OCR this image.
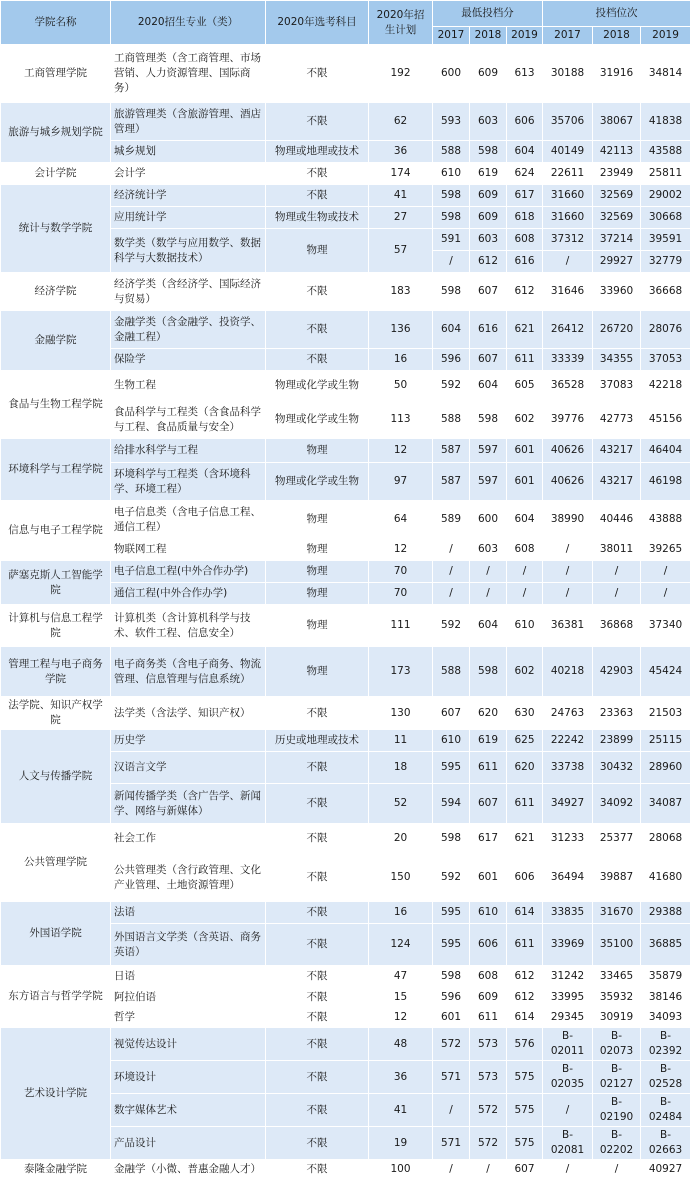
学院名称	2020招生专业（类）	2020年选考科目	2020年招生计划	最低投档分			投档位次		
				2017	2018	2019	2017	2018	2019
工商管理学院	工商管理类（含工商管理、市场营销、人力资源管理、国际商务）	不限	192	600	609	613	30188	31916	34814
旅游与城乡规划学院	旅游管理类（含旅游管理、酒店管理）	不限	62	593	603	606	35706	38067	41838
	城乡规划	物理或地理或技术	36	588	598	604	40149	42113	43588
会计学院	会计学	不限	174	610	619	624	22611	23949	25811
统计与数学学院	经济统计学	不限	41	598	609	617	31660	32569	29002
	应用统计学	物理或生物或技术	27	598	609	618	31660	32569	30668
	数学类（数学与应用数学、数据科学与大数据技术）	物理	57	591	603	608	37312	37214	39591
				/	612	616	/	29927	32779
经济学院	经济学类（含经济学、国际经济与贸易）	不限	183	598	607	612	31646	33960	36668
金融学院	金融学类（含金融学、投资学、金融工程）	不限	136	604	616	621	26412	26720	28076
	保险学	不限	16	596	607	611	33339	34355	37053
食品与生物工程学院	生物工程	物理或化学或生物	50	592	604	605	36528	37083	42218
	食品科学与工程类（含食品科学与工程、食品质量与安全）	物理或化学或生物	113	588	598	602	39776	42773	45156
环境科学与工程学院	给排水科学与工程	物理	12	587	597	601	40626	43217	46404
	环境科学与工程类（含环境科学、环境工程）	物理或化学或生物	97	587	597	601	40626	43217	46198
信息与电子工程学院	电子信息类（含电子信息工程、通信工程）	物理	64	589	600	604	38990	40446	43888
	物联网工程	物理	12	/	603	608	/	38011	39265
萨塞克斯人工智能学院	电子信息工程(中外合作办学)	物理	70	/	/	/	/	/	/
	通信工程(中外合作办学)	物理	70	/	/	/	/	/	/
计算机与信息工程学院	计算机类（含计算机科学与技术、软件工程、信息安全）	物理	111	592	604	610	36381	36868	37340
管理工程与电子商务学院	电子商务类（含电子商务、物流管理、信息管理与信息系统）	物理	173	588	598	602	40218	42903	45424
法学院、知识产权学院	法学类（含法学、知识产权）	不限	130	607	620	630	24763	23363	21503
人文与传播学院	历史学	历史或地理或技术	11	610	619	625	22242	23899	25115
	汉语言文学	不限	18	595	611	620	33738	30432	28960
	新闻传播学类（含广告学、新闻学、网络与新媒体）	不限	52	594	607	611	34927	34092	34087
公共管理学院	社会工作	不限	20	598	617	621	31233	25377	28068
	公共管理类（含行政管理、文化产业管理、土地资源管理）	不限	150	592	601	606	36494	39887	41680
外国语学院	法语	不限	16	595	610	614	33835	31670	29388
	外国语言文学类（含英语、商务英语）	不限	124	595	606	611	33969	35100	36885
东方语言与哲学学院	日语	不限	47	598	608	612	31242	33465	35879
	阿拉伯语	不限	15	596	609	612	33995	35932	38146
	哲学	不限	12	601	611	614	29345	30919	34093
艺术设计学院	视觉传达设计	不限	48	572	573	576	B-02011	B-02073	B-02392
	环境设计	不限	36	571	573	575	B-02035	B-02127	B-02528
	数字媒体艺术	不限	41	/	572	575	/	B-02190	B-02484
	产品设计	不限	19	571	572	575	B-02081	B-02202	B-02663
泰隆金融学院	金融学（小微、普惠金融人才）	不限	100	/	/	607	/	/	40927
